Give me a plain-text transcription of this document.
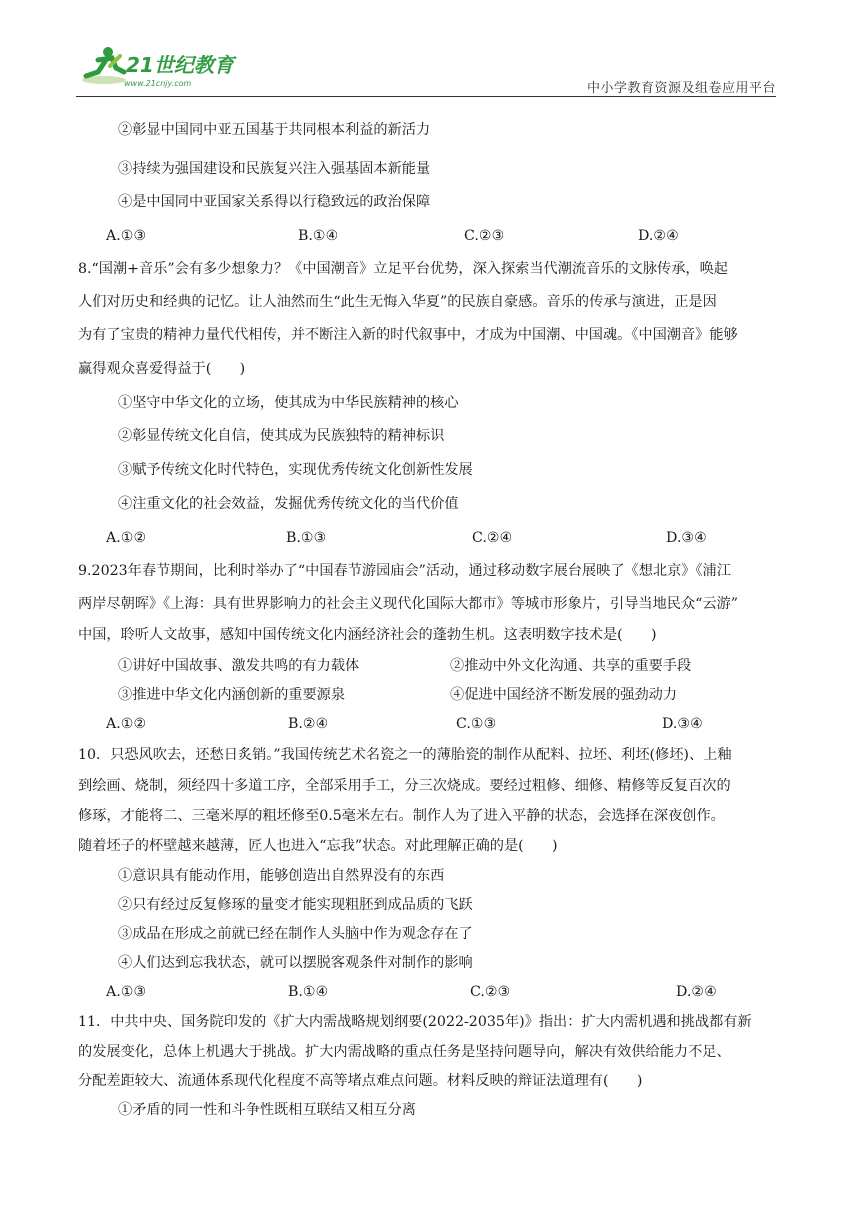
21世纪教育
www.21cnjy.com	中小学教育资源及组卷应用平台
②彰显中国同中亚五国基于共同根本利益的新活力
③持续为强国建设和民族复兴注入强基固本新能量
④是中国同中亚国家关系得以行稳致远的政治保障
A.①③	B.①④	C.②③	D.②④
8.“国潮+音乐”会有多少想象力？《中国潮音》立足平台优势，深入探索当代潮流音乐的文脉传承，唤起
人们对历史和经典的记忆。让人油然而生“此生无悔入华夏”的民族自豪感。音乐的传承与演进，正是因
为有了宝贵的精神力量代代相传，并不断注入新的时代叙事中，才成为中国潮、中国魂。《中国潮音》能够
赢得观众喜爱得益于(　　)
①坚守中华文化的立场，使其成为中华民族精神的核心
②彰显传统文化自信，使其成为民族独特的精神标识
③赋予传统文化时代特色，实现优秀传统文化创新性发展
④注重文化的社会效益，发掘优秀传统文化的当代价值
A.①②	B.①③	C.②④	D.③④
9.2023年春节期间，比利时举办了“中国春节游园庙会”活动，通过移动数字展台展映了《想北京》《浦江
两岸尽朝晖》《上海：具有世界影响力的社会主义现代化国际大都市》等城市形象片，引导当地民众“云游”
中国，聆听人文故事，感知中国传统文化内涵经济社会的蓬勃生机。这表明数字技术是(　　)
①讲好中国故事、激发共鸣的有力载体	②推动中外文化沟通、共享的重要手段
③推进中华文化内涵创新的重要源泉	④促进中国经济不断发展的强劲动力
A.①②	B.②④	C.①③	D.③④
10．只恐风吹去，还愁日炙销。”我国传统艺术名瓷之一的薄胎瓷的制作从配料、拉坯、利坯(修坯)、上釉
到绘画、烧制，须经四十多道工序，全部采用手工，分三次烧成。要经过粗修、细修、精修等反复百次的
修琢，才能将二、三毫米厚的粗坯修至0.5毫米左右。制作人为了进入平静的状态，会选择在深夜创作。
随着坯子的杯壁越来越薄，匠人也进入“忘我”状态。对此理解正确的是(　　)
①意识具有能动作用，能够创造出自然界没有的东西
②只有经过反复修琢的量变才能实现粗胚到成品质的飞跃
③成品在形成之前就已经在制作人头脑中作为观念存在了
④人们达到忘我状态，就可以摆脱客观条件对制作的影响
A.①③	B.①④	C.②③	D.②④
11．中共中央、国务院印发的《扩大内需战略规划纲要(2022-2035年)》指出：扩大内需机遇和挑战都有新
的发展变化，总体上机遇大于挑战。扩大内需战略的重点任务是坚持问题导向，解决有效供给能力不足、
分配差距较大、流通体系现代化程度不高等堵点难点问题。材料反映的辩证法道理有(　　)
①矛盾的同一性和斗争性既相互联结又相互分离
